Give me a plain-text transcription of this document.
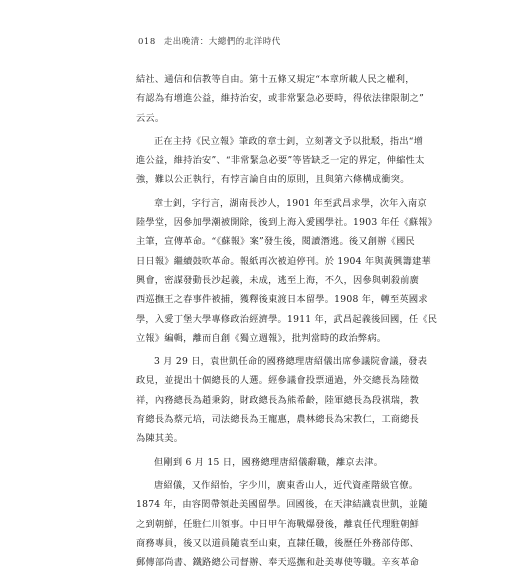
018 走出晚清：大總們的北洋時代
結社、通信和信教等自由。第十五條又規定“本章所載人民之權利，
有認為有增進公益，維持治安，或非常緊急必要時，得依法律限制之”
云云。
正在主持《民立報》筆政的章士釗，立刻著文予以批駁，指出“增
進公益，維持治安”、“非常緊急必要”等皆缺乏一定的界定，伸縮性太
強，難以公正執行，有悖言論自由的原則，且與第六條構成衝突。
章士釗，字行言，湖南長沙人，1901 年至武昌求學，次年入南京
陸學堂，因參加學潮被開除，後到上海入愛國學社。1903 年任《蘇報》
主筆，宣傳革命。“《蘇報》案”發生後，閱讀潛逃。後又創辦《國民
日日報》繼續鼓吹革命。報紙再次被迫停刊。於 1904 年與黃興籌建華
興會，密謀發動長沙起義，未成，逃至上海，不久，因參與刺殺前廣
西巡撫王之春事件被捕，獲釋後東渡日本留學。1908 年，轉至英國求
學，入愛丁堡大學專修政治經濟學。1911 年，武昌起義後回國，任《民
立報》編輯，離而自創《獨立週報》，批判當時的政治弊病。
3 月 29 日，袁世凱任命的國務總理唐紹儀出席參議院會議，發表
政見，並提出十個總長的人選。經參議會投票通過，外交總長為陸徵
祥，內務總長為趙秉鈞，財政總長為熊希齡，陸軍總長為段祺瑞，教
育總長為蔡元培，司法總長為王寵惠，農林總長為宋教仁，工商總長
為陳其美。
但剛到 6 月 15 日，國務總理唐紹儀辭職，離京去津。
唐紹儀，又作紹怡，字少川，廣東香山人，近代資產階級官僚。
1874 年，由容閎帶領赴美國留學。回國後，在天津結識袁世凱，並隨
之到朝鮮，任駐仁川領事。中日甲午海戰爆發後，離袁任代理駐朝鮮
商務專員，後又以道員隨袁至山東，直隸任職，後歷任外務部侍郎、
郵傳部尚書、鐵路總公司督辦、奉天巡撫和赴美專使等職。辛亥革命
